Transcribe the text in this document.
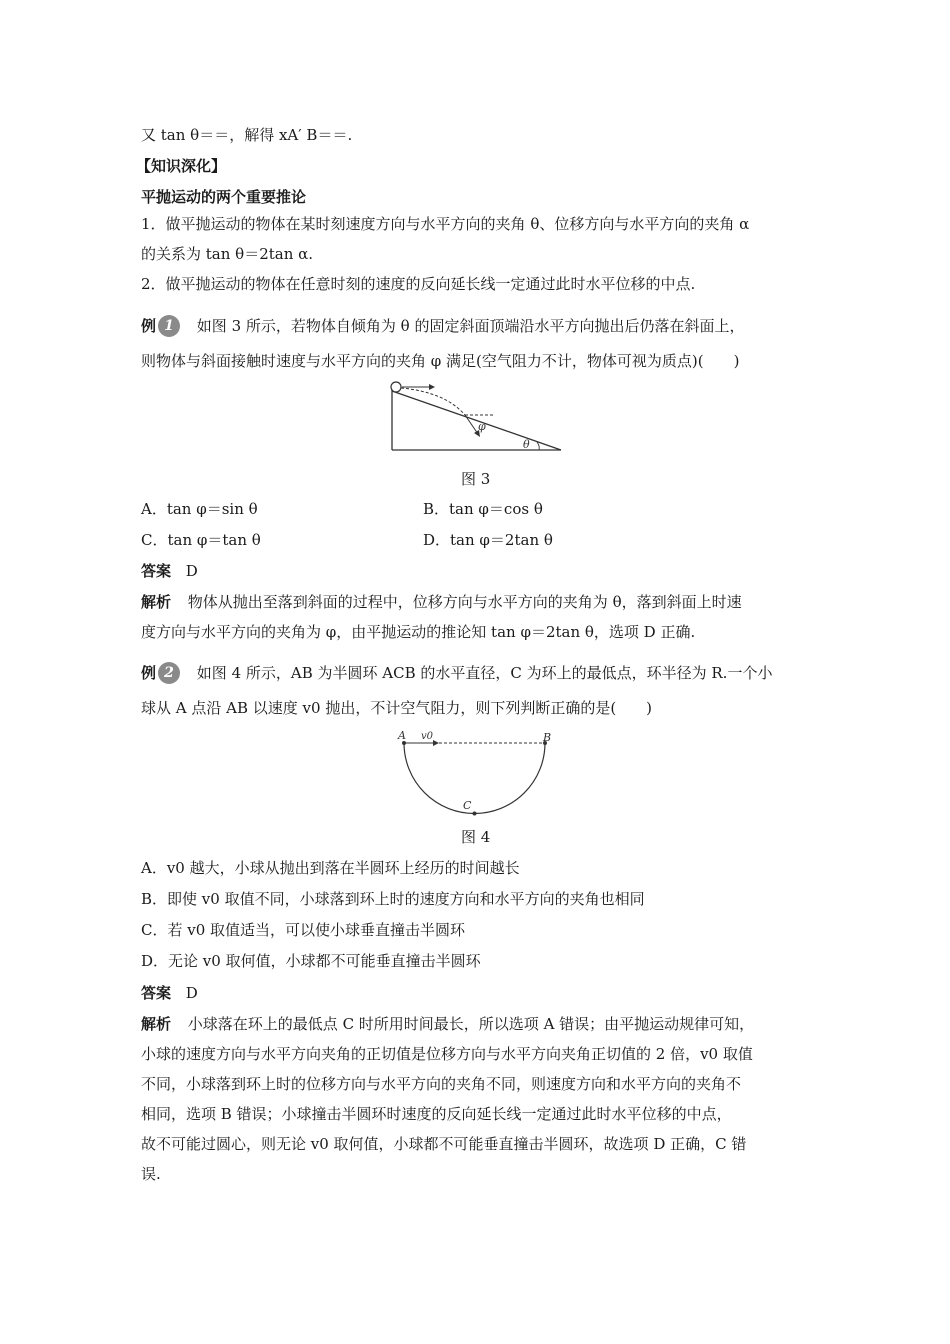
又 tan θ＝＝，解得 xA′ B＝＝.
【知识深化】
平抛运动的两个重要推论
1．做平抛运动的物体在某时刻速度方向与水平方向的夹角 θ、位移方向与水平方向的夹角 α
的关系为 tan θ＝2tan α.
2．做平抛运动的物体在任意时刻的速度的反向延长线一定通过此时水平位移的中点.
例 1	如图 3 所示，若物体自倾角为 θ 的固定斜面顶端沿水平方向抛出后仍落在斜面上，
则物体与斜面接触时速度与水平方向的夹角 φ 满足(空气阻力不计，物体可视为质点)(　　)
φ
θ
图 3
A．tan φ＝sin θ	B．tan φ＝cos θ
C．tan φ＝tan θ	D．tan φ＝2tan θ
答案 D
解析 物体从抛出至落到斜面的过程中，位移方向与水平方向的夹角为 θ，落到斜面上时速
度方向与水平方向的夹角为 φ，由平抛运动的推论知 tan φ＝2tan θ，选项 D 正确.
例 2	如图 4 所示，AB 为半圆环 ACB 的水平直径，C 为环上的最低点，环半径为 R.一个小
球从 A 点沿 AB 以速度 v0 抛出，不计空气阻力，则下列判断正确的是(　　)
A	B
C
v0
图 4
A．v0 越大，小球从抛出到落在半圆环上经历的时间越长
B．即使 v0 取值不同，小球落到环上时的速度方向和水平方向的夹角也相同
C．若 v0 取值适当，可以使小球垂直撞击半圆环
D．无论 v0 取何值，小球都不可能垂直撞击半圆环
答案 D
解析 小球落在环上的最低点 C 时所用时间最长，所以选项 A 错误；由平抛运动规律可知，
小球的速度方向与水平方向夹角的正切值是位移方向与水平方向夹角正切值的 2 倍，v0 取值
不同，小球落到环上时的位移方向与水平方向的夹角不同，则速度方向和水平方向的夹角不
相同，选项 B 错误；小球撞击半圆环时速度的反向延长线一定通过此时水平位移的中点，
故不可能过圆心，则无论 v0 取何值，小球都不可能垂直撞击半圆环，故选项 D 正确，C 错
误.
